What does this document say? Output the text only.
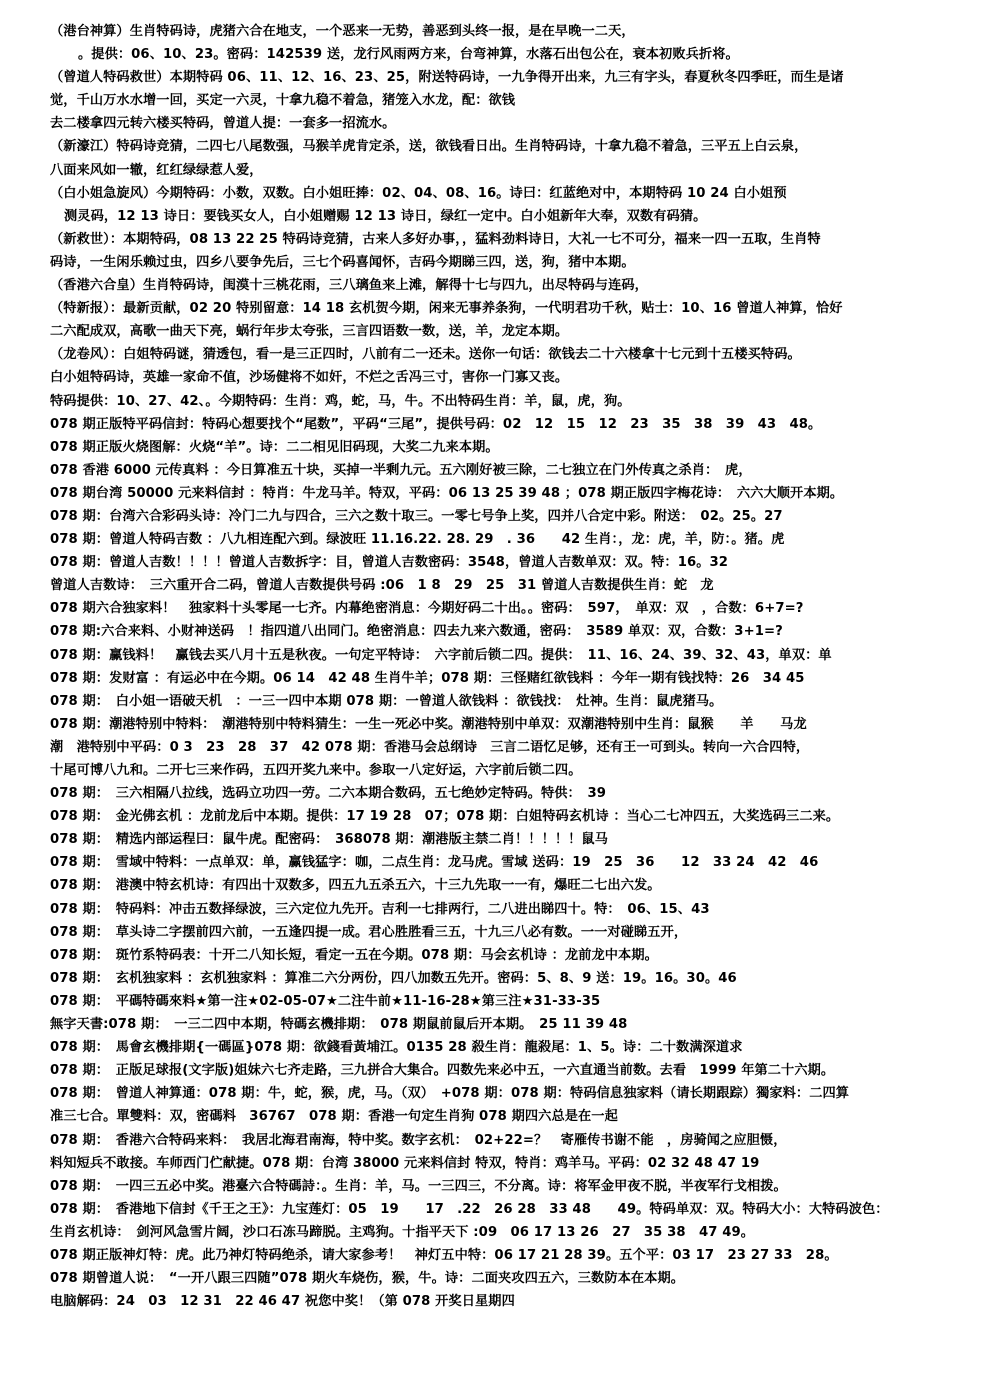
（港台神算）生肖特码诗，虎猪六合在地支，一个恶来一无势，善恶到头终一报，是在早晚一二天，
。提供：06、10、23。密码：142539 送，龙行风雨两方来，台弯神算，水落石出包公在，衰本初败兵折将。
（曾道人特码救世）本期特码 06、11、12、16、23、25，附送特码诗，一九争得开出来，九三有字头，春夏秋冬四季旺，而生是诸
觉，千山万水水增一回，买定一六灵，十拿九稳不着急，猪笼入水龙，配：欲钱
去二楼拿四元转六楼买特码，曾道人提：一套多一招流水。
（新濠江）特码诗竞猜，二四七八尾数强，马猴羊虎肯定杀，送，欲钱看日出。生肖特码诗，十拿九稳不着急，三平五上白云泉，
八面来风如一辙，红红绿绿惹人爱，
（白小姐急旋风）今期特码：小数，双数。白小姐旺捧：02、04、08、16。诗曰：红蓝绝对中，本期特码 10 24 白小姐预
测灵码，12 13 诗日：要钱买女人，白小姐赠赐 12 13 诗日，绿红一定中。白小姐新年大奉，双数有码猜。
（新救世）：本期特码，08 13 22 25 特码诗竞猜，古来人多好办事，，猛料劲料诗日，大礼一七不可分，福来一四一五取，生肖特
码诗，一生闲乐赖过虫，四乡八要争先后，三七个码喜闻怀，吉码今期睇三四，送，狗，猪中本期。
（香港六合皇）生肖特码诗，闺漠十三桃花雨，三八璃鱼来上滩，解得十七与四九，出尽特码与连码，
（特新报）：最新贡献，02 20 特别留意：14 18 玄机贺今期，闲来无事养条狗，一代明君功千秋，贴士：10、16 曾道人神算，恰好
二六配成双，高歌一曲天下亮，蜗行年步太夸张，三言四语数一数，送，羊，龙定本期。
（龙卷风）：白姐特码谜，猜透包，看一是三正四时，八前有二一还未。送你一句话：欲钱去二十六楼拿十七元到十五楼买特码。
白小姐特码诗，英雄一家命不值，沙场健将不如奸，不烂之舌冯三寸，害你一门寡又丧。
特码提供：10、27、42、。今期特码：生肖：鸡，蛇，马，牛。不出特码生肖：羊，鼠，虎，狗。
078 期正版特平码信封：特码心想要找个“尾数”，平码“三尾”，提供号码：02　12　15　12　23　35　38　39　43　48。
078 期正版火烧图解：火烧“羊”。诗：二二相见旧码现，大奖二九来本期。
078 香港 6000 元传真料 ：今日算准五十块，买掉一半剩九元。五六刚好被三除，二七独立在门外传真之杀肖：　虎，
078 期台湾 50000 元来料信封 ：特肖：牛龙马羊。特双，平码：06 13 25 39 48 ；078 期正版四字梅花诗：　六六大顺开本期。
078 期：台湾六合彩码头诗：冷门二九与四合，三六之数十取三。一零七号争上奖，四并八合定中彩。附送：　02。25。27
078 期：曾道人特码吉数 ：八九相连配六到。绿波旺 11.16.22. 28. 29　. 36　　42 生肖：，龙：虎，羊，防：。猪。虎
078 期：曾道人吉数！！！！曾道人吉数拆字：目，曾道人吉数密码：3548，曾道人吉数单双：双。特：16。32
曾道人吉数诗：　三六重开合二码，曾道人吉数提供号码 :06　1 8　29　25　31 曾道人吉数提供生肖：蛇　龙
078 期六合独家料！　独家料十头零尾一七齐。内幕绝密消息：今期好码二十出。。密码：　597，　单双：双　，合数：6+7=?
078 期:六合来料、小财神送码　！指四道八出同门。绝密消息：四去九来六数通，密码：　3589 单双：双，合数：3+1=?
078 期：赢钱料！　赢钱去买八月十五是秋夜。一句定平特诗：　六字前后锁二四。提供：　11、16、24、39、32、43，单双：单
078 期：发财富 ：有运必中在今期。06 14　42 48 生肖牛羊；078 期：三怪赌红欲钱料 ：今年一期有钱找特：26　34 45
078 期：　白小姐一语破天机　：一三一四中本期 078 期：一曾道人欲钱料 ：欲钱找：　灶神。生肖：鼠虎猪马。
078 期：潮港特别中特料：　潮港特别中特料猜生：一生一死必中奖。潮港特别中单双：双潮港特别中生肖：鼠猴　　羊　　马龙
潮　港特别中平码：0 3　23　28　37　42 078 期：香港马会总纲诗　三言二语忆足够，还有王一可到头。转向一六合四特，
十尾可博八九和。二开七三来作码，五四开奖九来中。参取一八定好运，六字前后锁二四。
078 期：　三六相隔八拉线，选码立功四一劳。二六本期合数码，五七绝妙定特码。特供：　39
078 期：　金光佛玄机 ：龙前龙后中本期。提供：17 19 28　07；078 期：白姐特码玄机诗 ：当心二七冲四五，大奖选码三二来。
078 期：　精选内部运程曰：鼠牛虎。配密码：　368078 期：潮港版主禁二肖！！！！！鼠马
078 期：　雪域中特料：一点单双：单，赢钱猛字：咖，二点生肖：龙马虎。雪域 送码：19　25　36　　12　33 24　42　46
078 期：　港澳中特玄机诗：有四出十双数多，四五九五杀五六，十三九先取一一有，爆旺二七出六发。
078 期：　特码料：冲击五数择绿波，三六定位九先开。吉利一七排两行，二八进出睇四十。特：　06、15、43
078 期：　草头诗二字摆前四六前，一五逢四提一成。君心胜胜看三五，十九三八必有数。一一对碰睇五开，
078 期：　斑竹系特码表：十开二八知长短，看定一五在今期。078 期：马会玄机诗 ：龙前龙中本期。
078 期：　玄机独家料 ：玄机独家料 ：算准二六分两份，四八加数五先开。密码：5、8、9 送：19。16。30。46
078 期：　平碼特碼來料★第一注★02-05-07★二注牛前★11-16-28★第三注★31-33-35
無字天書:078 期：　一三二四中本期，特碼玄機排期：　078 期鼠前鼠后开本期。　25 11 39 48
078 期：　馬會玄機排期{一碼區}078 期：欲錢看黃埔江。0135 28 殺生肖：龍殺尾：1、5。诗：二十数满深道求
078 期：　正版足球报(文字版)姐妹六七齐走路，三九拼合大集合。四数先来必中五，一六直通当前数。去看　1999 年第二十六期。
078 期：　曾道人神算通：078 期：牛，蛇，猴，虎，马。（双）　+078 期：078 期：特码信息独家料（请长期跟踪）獨家料：二四算
准三七合。單雙料：双，密碼料　36767　078 期：香港一句定生肖狗 078 期四六总是在一起
078 期：　香港六合特码来料：　我居北海君南海，特中奖。数字玄机：　02+22=？　寄雁传书谢不能　，房骑闻之应胆慑，
料知短兵不敢接。车师西门伫献捷。078 期：台湾 38000 元来料信封 特双，特肖：鸡羊马。平码：02 32 48 47 19
078 期：　一四三五必中奖。港臺六合特碼詩：。生肖：羊，马。一三四三，不分离。诗：将军金甲夜不脱，半夜军行戈相拨。
078 期：　香港地下信封《千王之王》：九宝莲灯：05　19　　17　.22　26 28　33 48　　49。特码单双：双。特码大小：大特码波色：
生肖玄机诗：　剑河风急雪片阔，沙口石冻马蹄脱。主鸡狗。十指平天下 :09　06 17 13 26　27　35 38　47 49。
078 期正版神灯特：虎。此乃神灯特码绝杀，请大家参考！　神灯五中特：06 17 21 28 39。五个平：03 17　23 27 33　28。
078 期曾道人说：　“一开八跟三四随”078 期火车烧伤，猴，牛。诗：二面夹攻四五六，三数防本在本期。
电脑解码：24　03　12 31　22 46 47 祝您中奖！（第 078 开奖日星期四
